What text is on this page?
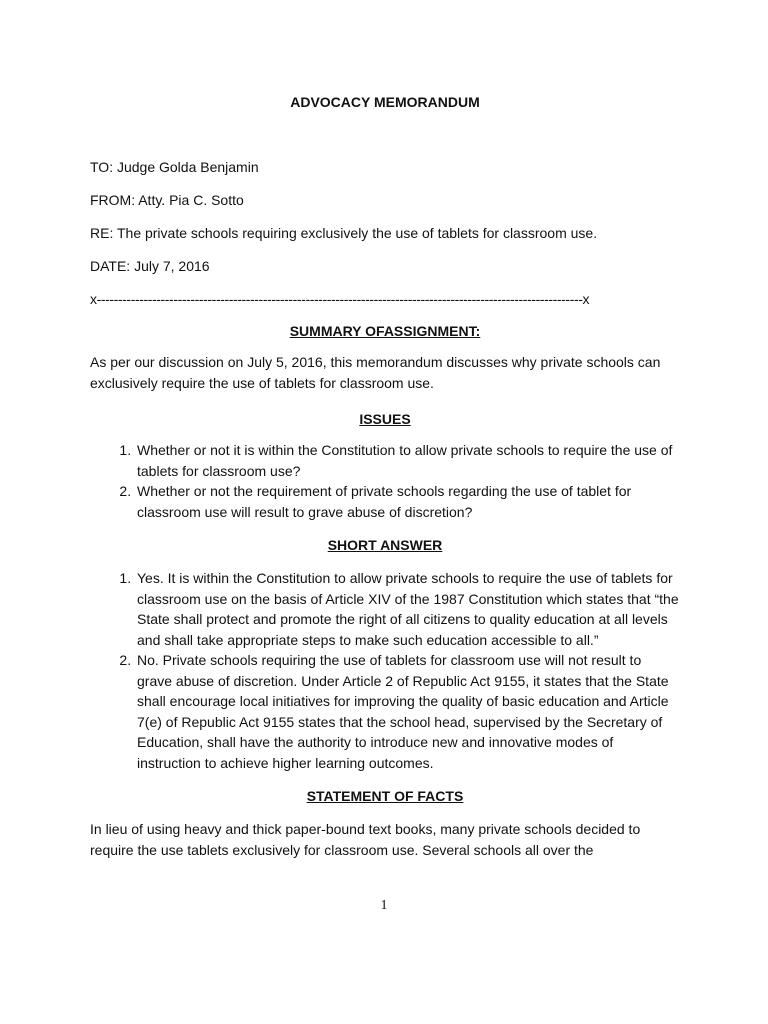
ADVOCACY MEMORANDUM
TO: Judge Golda Benjamin
FROM: Atty. Pia C. Sotto
RE: The private schools requiring exclusively the use of tablets for classroom use.
DATE: July 7, 2016
x------------------------------------------------------------------------------------------------------------------x
SUMMARY OFASSIGNMENT:
As per our discussion on July 5, 2016, this memorandum discusses why private schools can exclusively require the use of tablets for classroom use.
ISSUES
1. Whether or not it is within the Constitution to allow private schools to require the use of tablets for classroom use?
2. Whether or not the requirement of private schools regarding the use of tablet for classroom use will result to grave abuse of discretion?
SHORT ANSWER
1. Yes. It is within the Constitution to allow private schools to require the use of tablets for classroom use on the basis of Article XIV of the 1987 Constitution which states that “the State shall protect and promote the right of all citizens to quality education at all levels and shall take appropriate steps to make such education accessible to all.”
2. No. Private schools requiring the use of tablets for classroom use will not result to grave abuse of discretion. Under Article 2 of Republic Act 9155, it states that the State shall encourage local initiatives for improving the quality of basic education and Article 7(e) of Republic Act 9155 states that the school head, supervised by the Secretary of Education, shall have the authority to introduce new and innovative modes of instruction to achieve higher learning outcomes.
STATEMENT OF FACTS
In lieu of using heavy and thick paper-bound text books, many private schools decided to require the use tablets exclusively for classroom use. Several schools all over the
1
